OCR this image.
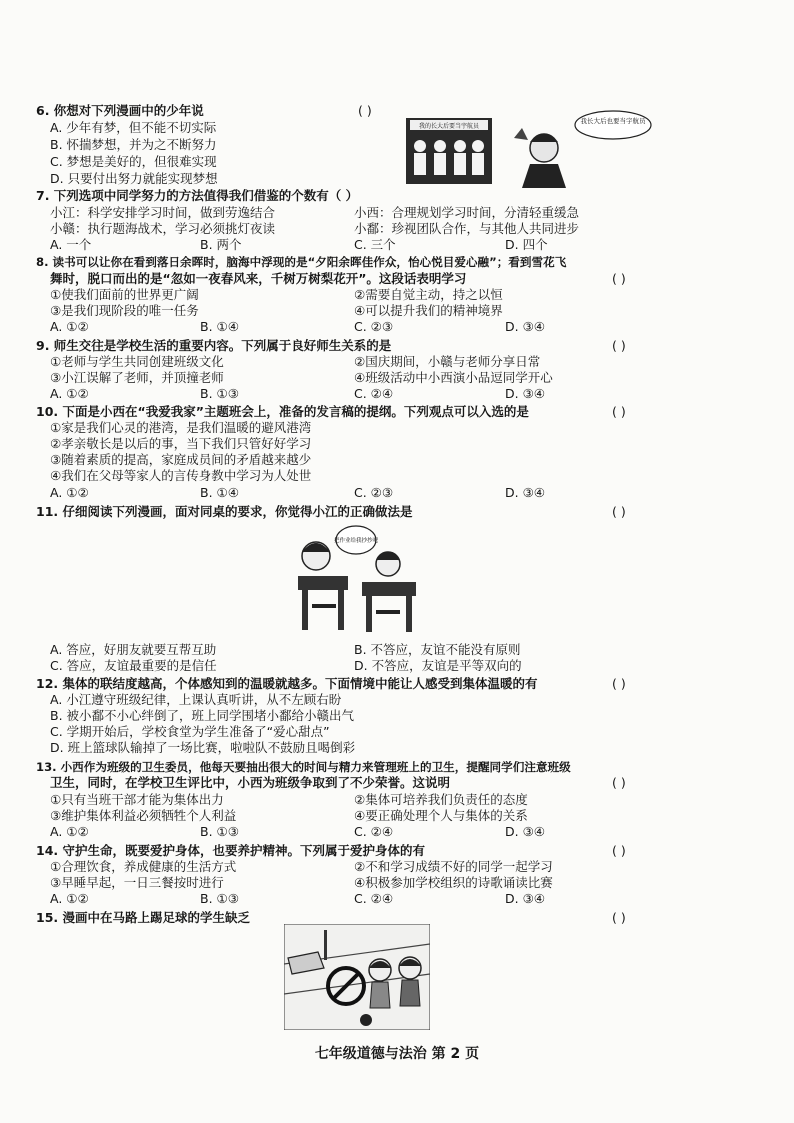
6. 你想对下列漫画中的少年说	( )
A. 少年有梦，但不能不切实际
B. 怀揣梦想，并为之不断努力
C. 梦想是美好的，但很难实现
D. 只要付出努力就能实现梦想
我的长大后要当宇航员
我长大后也要当宇航员
7. 下列选项中同学努力的方法值得我们借鉴的个数有（ ）
小江：科学安排学习时间，做到劳逸结合	小西：合理规划学习时间，分清轻重缓急
小赣：执行题海战术，学习必须挑灯夜读	小鄱：珍视团队合作，与其他人共同进步
A. 一个	B. 两个	C. 三个	D. 四个
8. 读书可以让你在看到落日余晖时，脑海中浮现的是“夕阳余晖佳作众，怡心悦目爱心融”；看到雪花飞
舞时，脱口而出的是“忽如一夜春风来，千树万树梨花开”。这段话表明学习	( )
①使我们面前的世界更广阔	②需要自觉主动，持之以恒
③是我们现阶段的唯一任务	④可以提升我们的精神境界
A. ①②	B. ①④	C. ②③	D. ③④
9. 师生交往是学校生活的重要内容。下列属于良好师生关系的是	( )
①老师与学生共同创建班级文化	②国庆期间，小赣与老师分享日常
③小江误解了老师，并顶撞老师	④班级活动中小西演小品逗同学开心
A. ①②	B. ①③	C. ②④	D. ③④
10. 下面是小西在“我爱我家”主题班会上，准备的发言稿的提纲。下列观点可以入选的是	( )
①家是我们心灵的港湾，是我们温暖的避风港湾
②孝亲敬长是以后的事，当下我们只管好好学习
③随着素质的提高，家庭成员间的矛盾越来越少
④我们在父母等家人的言传身教中学习为人处世
A. ①②	B. ①④	C. ②③	D. ③④
11. 仔细阅读下列漫画，面对同桌的要求，你觉得小江的正确做法是	( )
把作业给我抄抄吧
A. 答应，好朋友就要互帮互助	B. 不答应，友谊不能没有原则
C. 答应，友谊最重要的是信任	D. 不答应，友谊是平等双向的
12. 集体的联结度越高，个体感知到的温暖就越多。下面情境中能让人感受到集体温暖的有	( )
A. 小江遵守班级纪律，上课认真听讲，从不左顾右盼
B. 被小鄱不小心绊倒了，班上同学围堵小鄱给小赣出气
C. 学期开始后，学校食堂为学生准备了“爱心甜点”
D. 班上篮球队输掉了一场比赛，啦啦队不鼓励且喝倒彩
13. 小西作为班级的卫生委员，他每天要抽出很大的时间与精力来管理班上的卫生，提醒同学们注意班级
卫生，同时，在学校卫生评比中，小西为班级争取到了不少荣誉。这说明	( )
①只有当班干部才能为集体出力	②集体可培养我们负责任的态度
③维护集体利益必须牺牲个人利益	④要正确处理个人与集体的关系
A. ①②	B. ①③	C. ②④	D. ③④
14. 守护生命，既要爱护身体，也要养护精神。下列属于爱护身体的有	( )
①合理饮食，养成健康的生活方式	②不和学习成绩不好的同学一起学习
③早睡早起，一日三餐按时进行	④积极参加学校组织的诗歌诵读比赛
A. ①②	B. ①③	C. ②④	D. ③④
15. 漫画中在马路上踢足球的学生缺乏	( )
七年级道德与法治 第 2 页
